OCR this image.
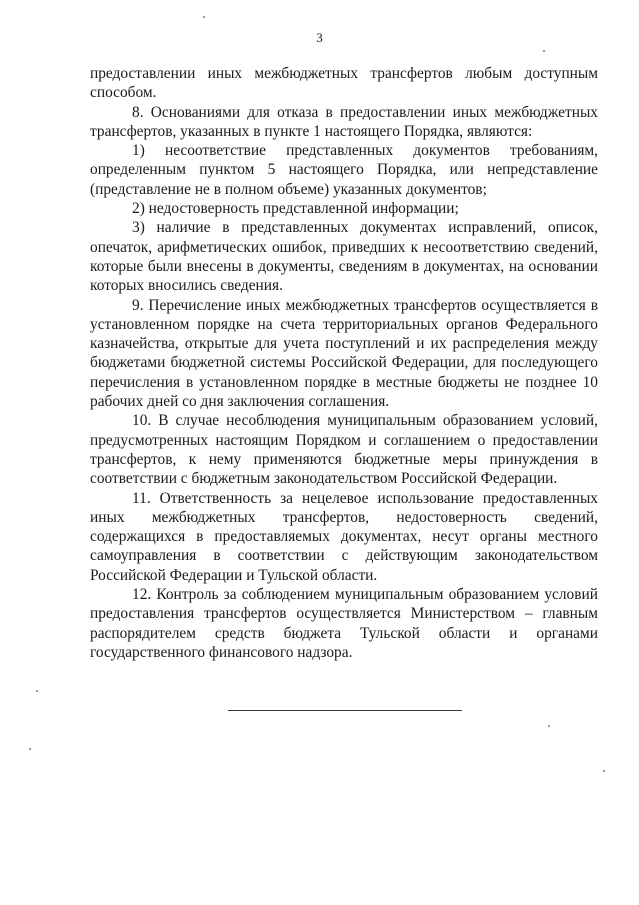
3

предоставлении иных межбюджетных трансфертов любым доступным способом.

8. Основаниями для отказа в предоставлении иных межбюджетных трансфертов, указанных в пункте 1 настоящего Порядка, являются:

1) несоответствие представленных документов требованиям, определенным пунктом 5 настоящего Порядка, или непредставление (представление не в полном объеме) указанных документов;

2) недостоверность представленной информации;

3) наличие в представленных документах исправлений, описок, опечаток, арифметических ошибок, приведших к несоответствию сведений, которые были внесены в документы, сведениям в документах, на основании которых вносились сведения.

9. Перечисление иных межбюджетных трансфертов осуществляется в установленном порядке на счета территориальных органов Федерального казначейства, открытые для учета поступлений и их распределения между бюджетами бюджетной системы Российской Федерации, для последующего перечисления в установленном порядке в местные бюджеты не позднее 10 рабочих дней со дня заключения соглашения.

10. В случае несоблюдения муниципальным образованием условий, предусмотренных настоящим Порядком и соглашением о предоставлении трансфертов, к нему применяются бюджетные меры принуждения в соответствии с бюджетным законодательством Российской Федерации.

11. Ответственность за нецелевое использование предоставленных иных межбюджетных трансфертов, недостоверность сведений, содержащихся в предоставляемых документах, несут органы местного самоуправления в соответствии с действующим законодательством Российской Федерации и Тульской области.

12. Контроль за соблюдением муниципальным образованием условий предоставления трансфертов осуществляется Министерством – главным распорядителем средств бюджета Тульской области и органами государственного финансового надзора.
